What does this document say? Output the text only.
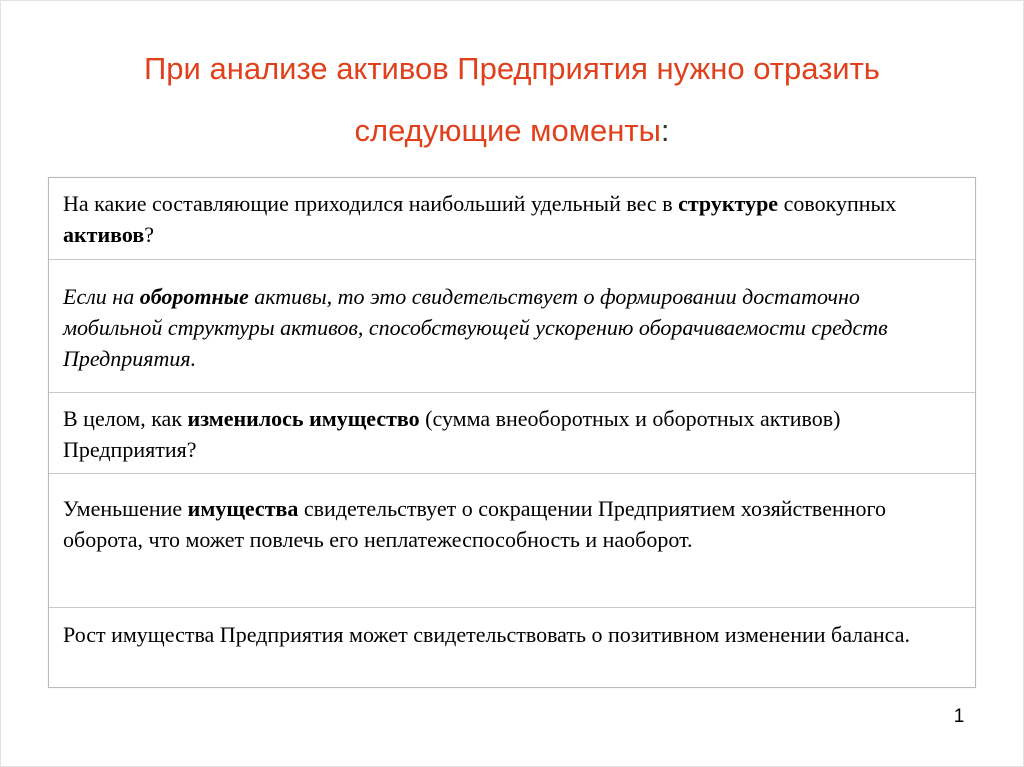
При анализе активов Предприятия нужно отразить
следующие моменты:
На какие составляющие приходился наибольший удельный вес в структуре совокупных активов?
Если на оборотные активы, то это свидетельствует о формировании достаточно мобильной структуры активов, способствующей ускорению оборачиваемости средств Предприятия.
В целом, как изменилось имущество (сумма внеоборотных и оборотных активов) Предприятия?
Уменьшение имущества свидетельствует о сокращении Предприятием хозяйственного оборота, что может повлечь его неплатежеспособность и наоборот.
Рост имущества Предприятия может свидетельствовать о позитивном изменении баланса.
1
